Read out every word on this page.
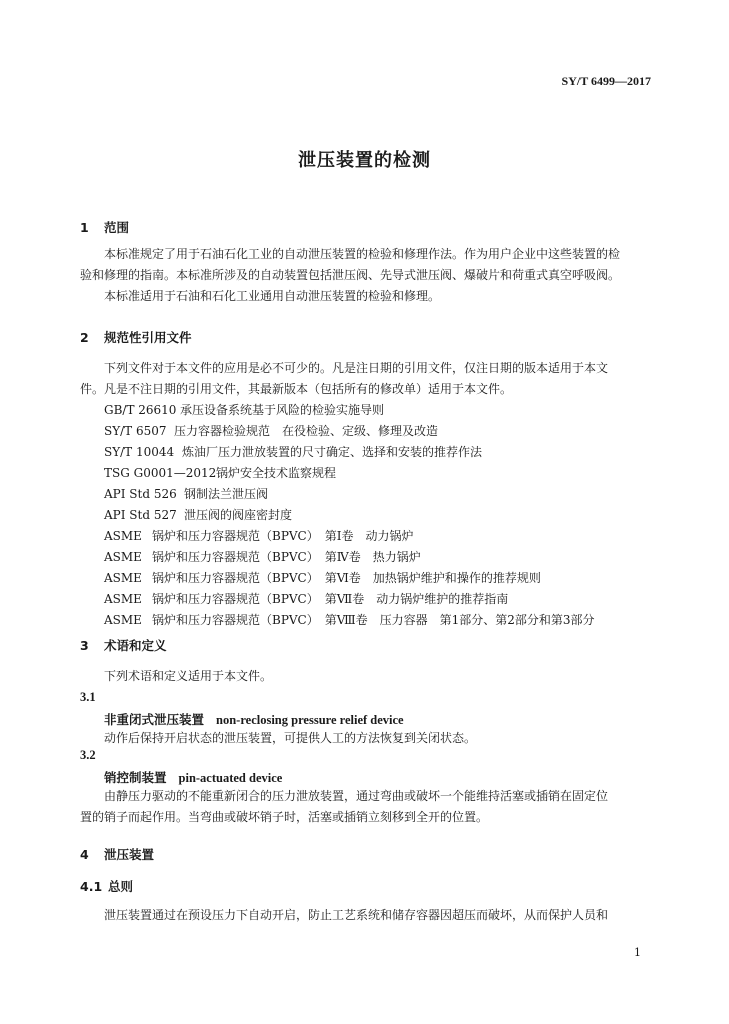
SY/T 6499—2017
泄压装置的检测
1 范围
本标准规定了用于石油石化工业的自动泄压装置的检验和修理作法。作为用户企业中这些装置的检
验和修理的指南。本标准所涉及的自动装置包括泄压阀、先导式泄压阀、爆破片和荷重式真空呼吸阀。
本标准适用于石油和石化工业通用自动泄压装置的检验和修理。
2 规范性引用文件
下列文件对于本文件的应用是必不可少的。凡是注日期的引用文件，仅注日期的版本适用于本文
件。凡是不注日期的引用文件，其最新版本（包括所有的修改单）适用于本文件。
GB/T 26610 承压设备系统基于风险的检验实施导则
SY/T 6507 压力容器检验规范　在役检验、定级、修理及改造
SY/T 10044 炼油厂压力泄放装置的尺寸确定、选择和安装的推荐作法
TSG G0001—2012锅炉安全技术监察规程
API Std 526 钢制法兰泄压阀
API Std 527 泄压阀的阀座密封度
ASME 锅炉和压力容器规范（BPVC）　第Ⅰ卷　动力锅炉
ASME 锅炉和压力容器规范（BPVC）　第Ⅳ卷　热力锅炉
ASME 锅炉和压力容器规范（BPVC）　第Ⅵ卷　加热锅炉维护和操作的推荐规则
ASME 锅炉和压力容器规范（BPVC）　第Ⅶ卷　动力锅炉维护的推荐指南
ASME 锅炉和压力容器规范（BPVC）　第Ⅷ卷　压力容器　第1部分、第2部分和第3部分
3 术语和定义
下列术语和定义适用于本文件。
3.1
非重闭式泄压装置 non-reclosing pressure relief device
动作后保持开启状态的泄压装置，可提供人工的方法恢复到关闭状态。
3.2
销控制装置 pin-actuated device
由静压力驱动的不能重新闭合的压力泄放装置，通过弯曲或破坏一个能维持活塞或插销在固定位
置的销子而起作用。当弯曲或破坏销子时，活塞或插销立刻移到全开的位置。
4 泄压装置
4.1 总则
泄压装置通过在预设压力下自动开启，防止工艺系统和储存容器因超压而破坏，从而保护人员和
1
